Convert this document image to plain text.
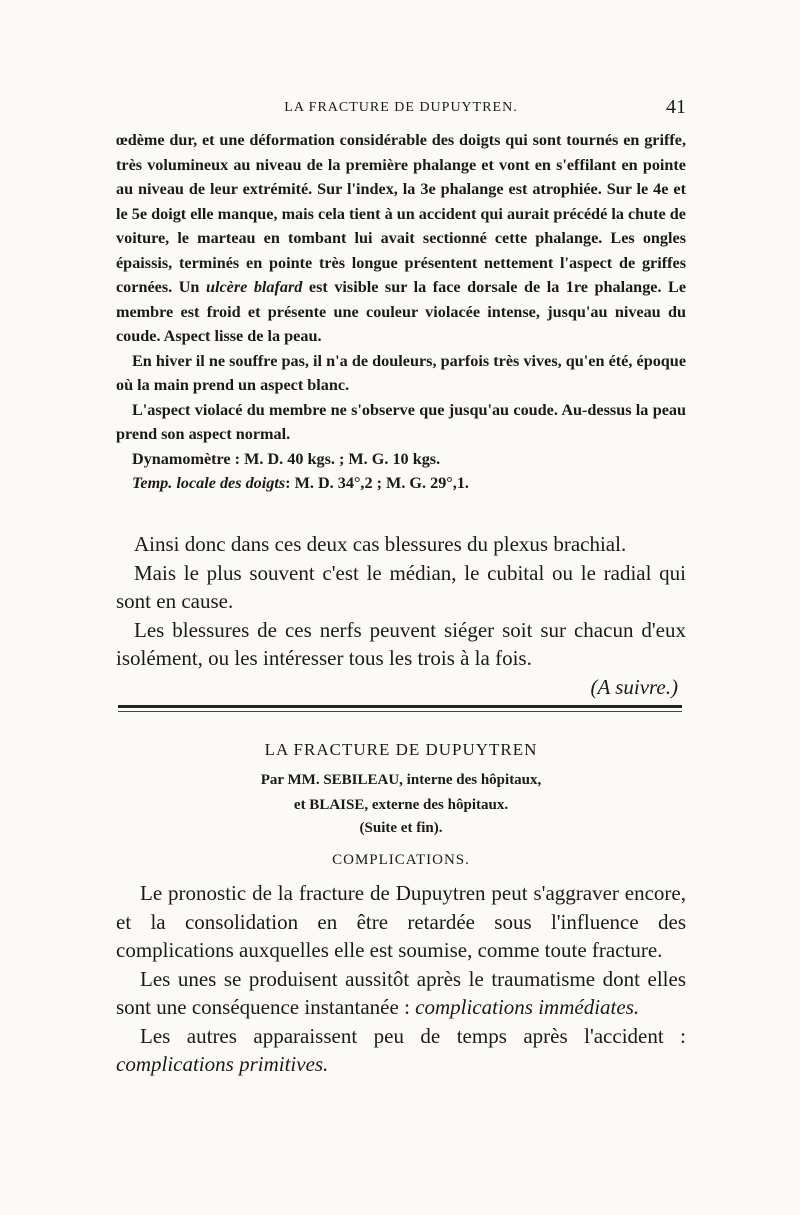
LA FRACTURE DE DUPUYTREN.	41

œdème dur, et une déformation considérable des doigts qui sont tournés en griffe, très volumineux au niveau de la première phalange et vont en s'effilant en pointe au niveau de leur extrémité. Sur l'index, la 3e phalange est atrophiée. Sur le 4e et le 5e doigt elle manque, mais cela tient à un accident qui aurait précédé la chute de voiture, le marteau en tombant lui avait sectionné cette phalange. Les ongles épaissis, terminés en pointe très longue présentent nettement l'aspect de griffes cornées. Un ulcère blafard est visible sur la face dorsale de la 1re phalange. Le membre est froid et présente une couleur violacée intense, jusqu'au niveau du coude. Aspect lisse de la peau.

En hiver il ne souffre pas, il n'a de douleurs, parfois très vives, qu'en été, époque où la main prend un aspect blanc.

L'aspect violacé du membre ne s'observe que jusqu'au coude. Au-dessus la peau prend son aspect normal.

Dynamomètre : M. D. 40 kgs. ; M. G. 10 kgs.

Temp. locale des doigts: M. D. 34°,2 ; M. G. 29°,1.

Ainsi donc dans ces deux cas blessures du plexus brachial.

Mais le plus souvent c'est le médian, le cubital ou le radial qui sont en cause.

Les blessures de ces nerfs peuvent siéger soit sur chacun d'eux isolément, ou les intéresser tous les trois à la fois.

(A suivre.)

LA FRACTURE DE DUPUYTREN
Par MM. SEBILEAU, interne des hôpitaux,
et BLAISE, externe des hôpitaux.
(Suite et fin).
COMPLICATIONS.

Le pronostic de la fracture de Dupuytren peut s'aggraver encore, et la consolidation en être retardée sous l'influence des complications auxquelles elle est soumise, comme toute fracture.

Les unes se produisent aussitôt après le traumatisme dont elles sont une conséquence instantanée : complications immédiates.

Les autres apparaissent peu de temps après l'accident : complications primitives.
